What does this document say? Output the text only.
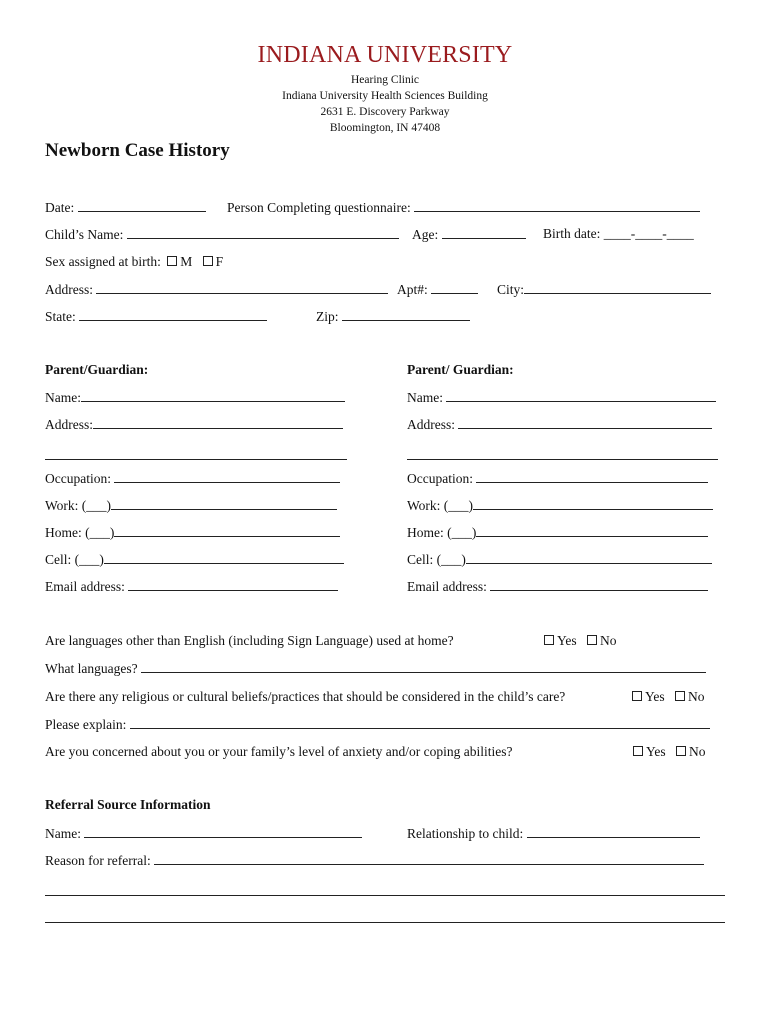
INDIANA UNIVERSITY
Hearing Clinic
Indiana University Health Sciences Building
2631 E. Discovery Parkway
Bloomington, IN 47408
Newborn Case History
Date:	Person Completing questionnaire:
Child’s Name:	Age:	Birth date: ____-____-____
Sex assigned at birth: M F
Address:	Apt#:	City:
State:	Zip:
Parent/Guardian:
Name:
Address:
Occupation:
Work: (___)
Home: (___)
Cell: (___)
Email address:
Parent/ Guardian:
Name:
Address:
Occupation:
Work: (___)
Home: (___)
Cell: (___)
Email address:
Are languages other than English (including Sign Language) used at home?	Yes No
What languages?
Are there any religious or cultural beliefs/practices that should be considered in the child’s care?	Yes No
Please explain:
Are you concerned about you or your family’s level of anxiety and/or coping abilities?	Yes No
Referral Source Information
Name:	Relationship to child:
Reason for referral:
